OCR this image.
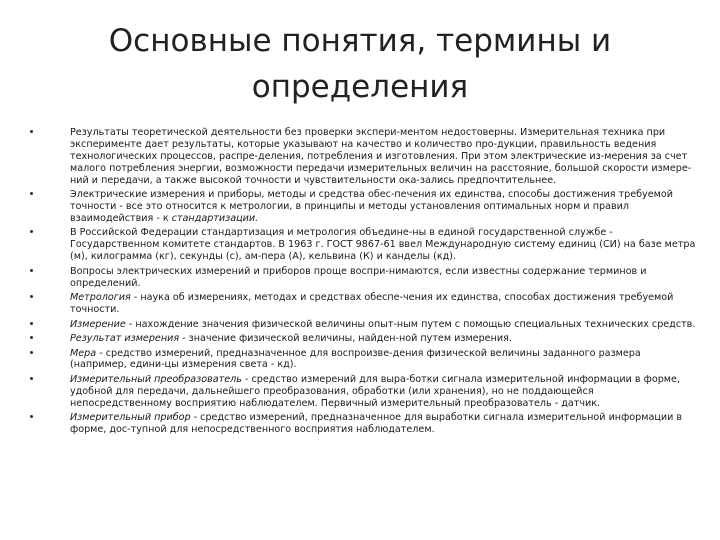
Основные понятия, термины и
определения
Результаты теоретической деятельности без проверки экспери-ментом недостоверны. Измерительная техника при эксперименте дает результаты, которые указывают на качество и количество про-дукции, правильность ведения технологических процессов, распре-деления, потребления и изготовления. При этом электрические из-мерения за счет малого потребления энергии, возможности передачи измерительных величин на расстояние, большой скорости измере-ний и передачи, а также высокой точности и чувствительности ока-зались предпочтительнее.
Электрические измерения и приборы, методы и средства обес-печения их единства, способы достижения требуемой точности - все это относится к метрологии, в принципы и методы установления оптимальных норм и правил взаимодействия - к стандартизации.
В Российской Федерации стандартизация и метрология объедине-ны в единой государственной службе - Государственном комитете стандартов. В 1963 г. ГОСТ 9867-61 ввел Международную систему единиц (СИ) на базе метра (м), килограмма (кг), секунды (с), ам-пера (А), кельвина (К) и канделы (кд).
Вопросы электрических измерений и приборов проще воспри-нимаются, если известны содержание терминов и определений.
Метрология - наука об измерениях, методах и средствах обеспе-чения их единства, способах достижения требуемой точности.
Измерение - нахождение значения физической величины опыт-ным путем с помощью специальных технических средств.
Результат измерения - значение физической величины, найден-ной путем измерения.
Мера - средство измерений, предназначенное для воспроизве-дения физической величины заданного размера (например, едини-цы измерения света - кд).
Измерительный преобразователь - средство измерений для выра-ботки сигнала измерительной информации в форме, удобной для передачи, дальнейшего преобразования, обработки (или хранения), но не поддающейся непосредственному восприятию наблюдателем. Первичный измерительный преобразователь - датчик.
Измерительный прибор - средство измерений, предназначенное для выработки сигнала измерительной информации в форме, дос-тупной для непосредственного восприятия наблюдателем.
